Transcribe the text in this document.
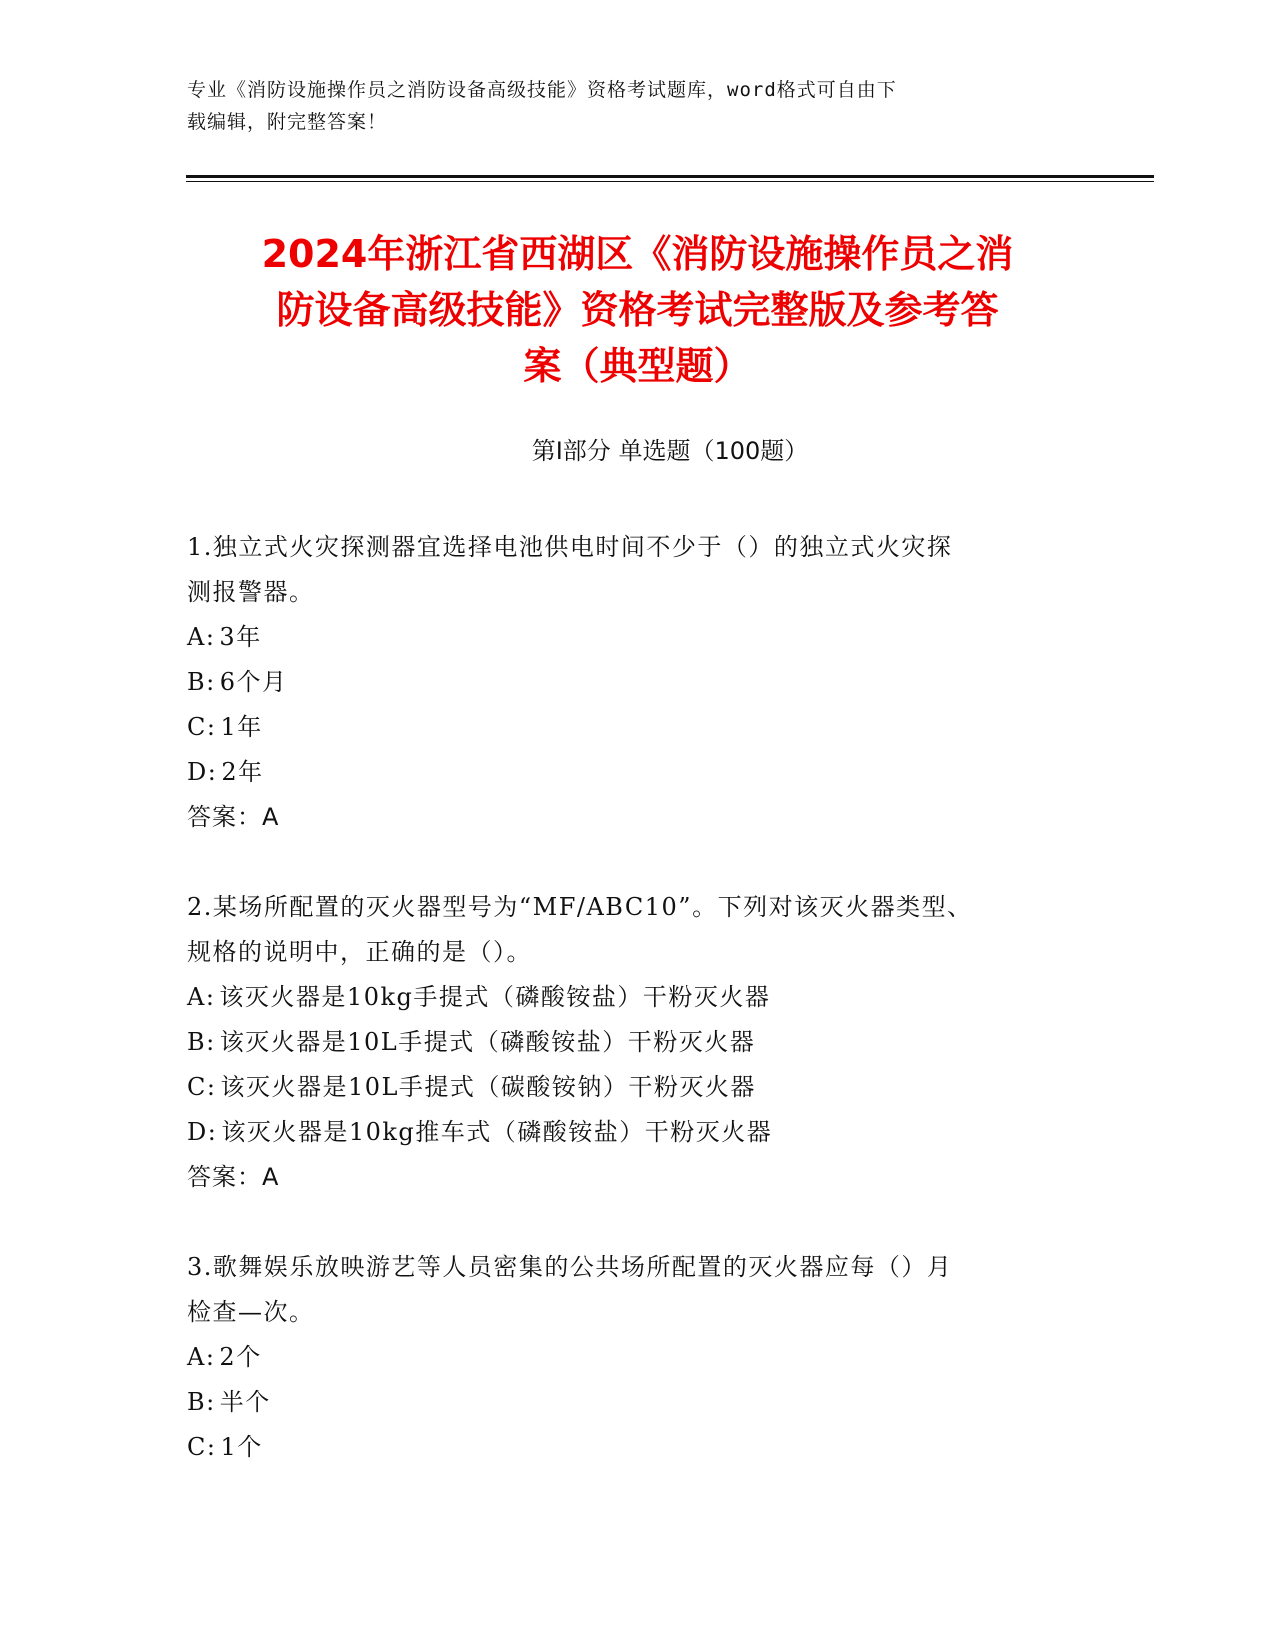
专业《消防设施操作员之消防设备高级技能》资格考试题库，word格式可自由下
载编辑，附完整答案！
2024年浙江省西湖区《消防设施操作员之消
防设备高级技能》资格考试完整版及参考答
案（典型题）
第Ⅰ部分 单选题（100题）

1.独立式火灾探测器宜选择电池供电时间不少于（）的独立式火灾探

测报警器。

A: 3年

B: 6个月

C: 1年

D: 2年

答案：A

2.某场所配置的灭火器型号为“MF/ABC10”。下列对该灭火器类型、

规格的说明中，正确的是（）。

A: 该灭火器是10kg手提式（磷酸铵盐）干粉灭火器

B: 该灭火器是10L手提式（磷酸铵盐）干粉灭火器

C: 该灭火器是10L手提式（碳酸铵钠）干粉灭火器

D: 该灭火器是10kg推车式（磷酸铵盐）干粉灭火器

答案：A

3.歌舞娱乐放映游艺等人员密集的公共场所配置的灭火器应每（）月

检查—次。

A: 2个

B: 半个

C: 1个
